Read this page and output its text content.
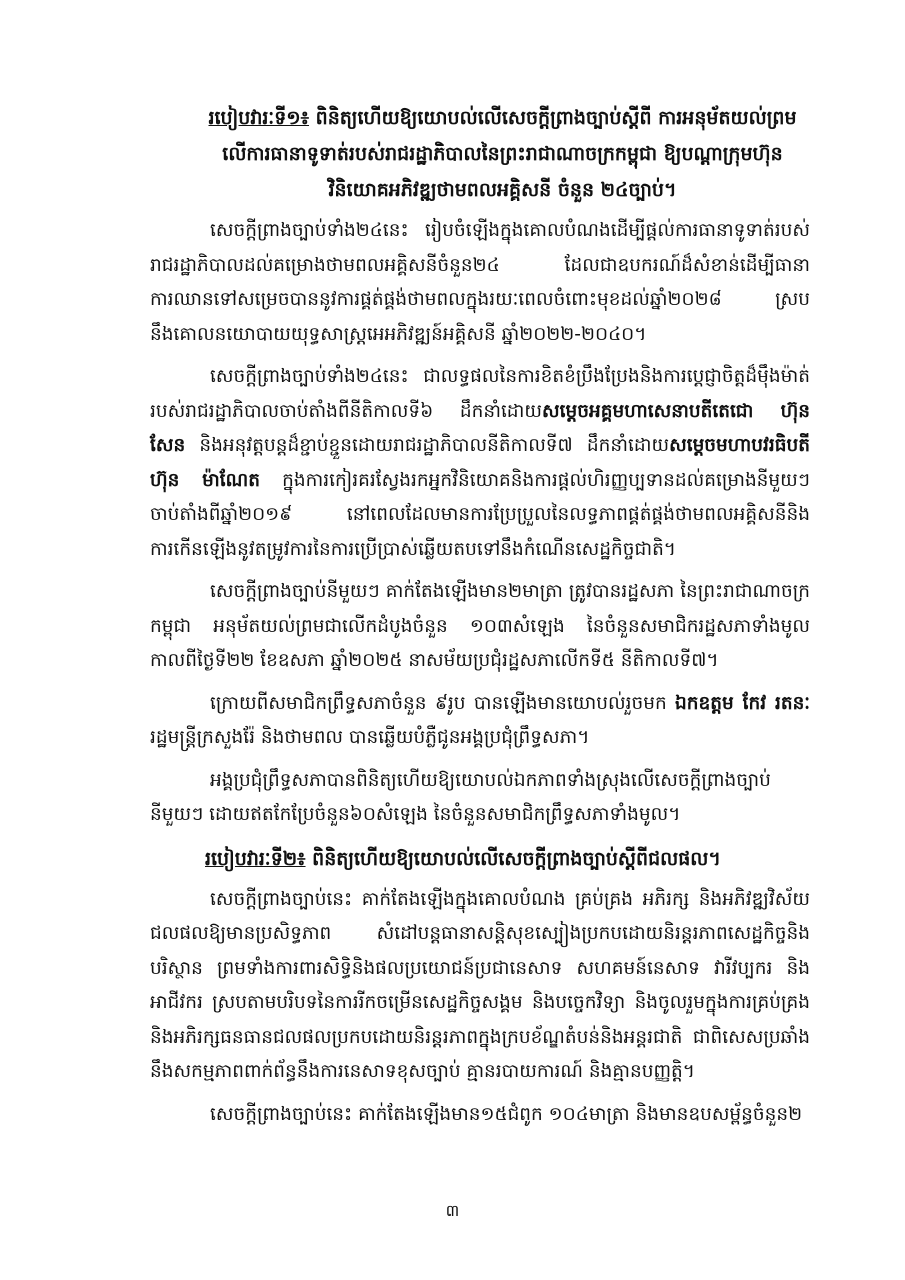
របៀបវារៈទី១៖ ពិនិត្យហើយឱ្យយោបល់លើសេចក្តីព្រាងច្បាប់ស្តីពី ការអនុម័តយល់ព្រមលើការធានាទូទាត់របស់រាជរដ្ឋាភិបាលនៃព្រះរាជាណាចក្រកម្ពុជា ឱ្យបណ្តាក្រុមហ៊ុនវិនិយោគអភិវឌ្ឍថាមពលអគ្គិសនី ចំនួន ២៤ច្បាប់។

សេចក្តីព្រាងច្បាប់ទាំង២៤នេះ រៀបចំឡើងក្នុងគោលបំណងដើម្បីផ្តល់ការធានាទូទាត់របស់រាជរដ្ឋាភិបាលដល់គម្រោងថាមពលអគ្គិសនីចំនួន២៤ ដែលជាឧបករណ៍ដ៏សំខាន់ដើម្បីធានាការឈានទៅសម្រេចបាននូវការផ្គត់ផ្គង់ថាមពលក្នុងរយៈពេលចំពោះមុខដល់ឆ្នាំ២០២៨ ស្របនឹងគោលនយោបាយយុទ្ធសាស្ត្រអេអភិវឌ្ឍន៍អគ្គិសនី ឆ្នាំ២០២២-២០៤០។

សេចក្តីព្រាងច្បាប់ទាំង២៤នេះ ជាលទ្ធផលនៃការខិតខំប្រឹងប្រែងនិងការប្តេជ្ញាចិត្តដ៏មុឹងម៉ាត់របស់រាជរដ្ឋាភិបាលចាប់តាំងពីនីតិកាលទី៦ ដឹកនាំដោយសម្តេចអគ្គមហាសេនាបតីតេជោ ហ៊ុន សែន និងអនុវត្តបន្តដ៏ខ្ជាប់ខ្ជួនដោយរាជរដ្ឋាភិបាលនីតិកាលទី៧ ដឹកនាំដោយសម្តេចមហាបវរធិបតី ហ៊ុន ម៉ាណែត ក្នុងការកៀរគរស្វែងរកអ្នកវិនិយោគនិងការផ្តល់ហិរញ្ញប្បទានដល់គម្រោងនីមួយៗ ចាប់តាំងពីឆ្នាំ២០១៩ នៅពេលដែលមានការប្រែប្រួលនៃលទ្ធភាពផ្គត់ផ្គង់ថាមពលអគ្គិសនីនិងការកើនឡើងនូវតម្រូវការនៃការប្រើប្រាស់ឆ្លើយតបទៅនឹងកំណើនសេដ្ឋកិច្ចជាតិ។

សេចក្តីព្រាងច្បាប់នីមួយៗ គាក់តែងឡើងមាន២មាត្រា ត្រូវបានរដ្ឋសភា នៃព្រះរាជាណាចក្រកម្ពុជា អនុម័តយល់ព្រមជាលើកដំបូងចំនួន ១០៣សំឡេង នៃចំនួនសមាជិករដ្ឋសភាទាំងមូល កាលពីថ្ងៃទី២២ ខែឧសភា ឆ្នាំ២០២៥ នាសម័យប្រជុំរដ្ឋសភាលើកទី៥ នីតិកាលទី៧។

ក្រោយពីសមាជិកព្រឹទ្ធសភាចំនួន ៩រូប បានឡើងមានយោបល់រួចមក ឯកឧត្តម កែវ រតនៈ រដ្ឋមន្ត្រីក្រសួងរ៉ែ និងថាមពល បានឆ្លើយបំភ្លឺជូនអង្គប្រជុំព្រឹទ្ធសភា។

អង្គប្រជុំព្រឹទ្ធសភាបានពិនិត្យហើយឱ្យយោបល់ឯកភាពទាំងស្រុងលើសេចក្តីព្រាងច្បាប់នីមួយៗ ដោយឥតកែប្រែចំនួន៦០សំឡេង នៃចំនួនសមាជិកព្រឹទ្ធសភាទាំងមូល។

របៀបវារៈទី២៖ ពិនិត្យហើយឱ្យយោបល់លើសេចក្តីព្រាងច្បាប់ស្តីពីជលផល។

សេចក្តីព្រាងច្បាប់នេះ គាក់តែងឡើងក្នុងគោលបំណង គ្រប់គ្រង អភិរក្ស និងអភិវឌ្ឍវិស័យជលផលឱ្យមានប្រសិទ្ធភាព សំដៅបន្តធានាសន្តិសុខស្បៀងប្រកបដោយនិរន្តរភាពសេដ្ឋកិច្ចនិងបរិស្ថាន ព្រមទាំងការពារសិទ្ធិនិងផលប្រយោជន៍ប្រជានេសាទ សហគមន៍នេសាទ វារីវប្បករ និងអាជីវករ ស្របតាមបរិបទនៃការរីកចម្រើនសេដ្ឋកិច្ចសង្គម និងបច្ចេកវិទ្យា និងចូលរួមក្នុងការគ្រប់គ្រង និងអភិរក្សធនធានជលផលប្រកបដោយនិរន្តរភាពក្នុងក្របខ័ណ្ឌតំបន់និងអន្តរជាតិ ជាពិសេសប្រឆាំងនឹងសកម្មភាពពាក់ព័ន្ធនឹងការនេសាទខុសច្បាប់ គ្មានរបាយការណ៍ និងគ្មានបញ្ញត្តិ។

សេចក្តីព្រាងច្បាប់នេះ គាក់តែងឡើងមាន១៥ជំពូក ១០៤មាត្រា និងមានឧបសម្ព័ន្ធចំនួន២

៣
